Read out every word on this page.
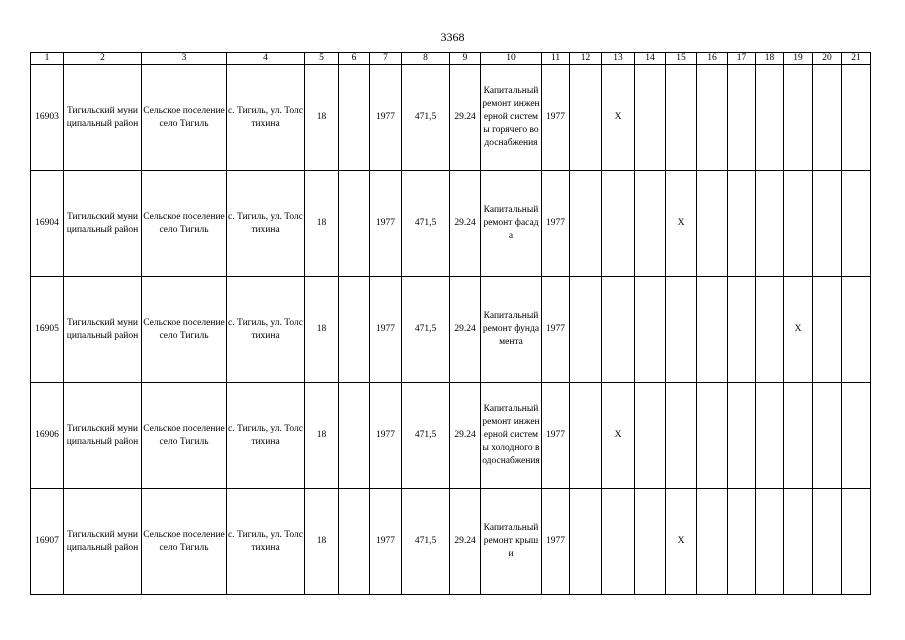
3368
1	2	3	4	5	6	7	8	9	10	11	12	13	14	15	16	17	18	19	20	21
16903	Тигильский муниципальный район	Сельское поселение село Тигиль	с. Тигиль, ул. Толстихина	18		1977	471,5	29.24	Капитальный ремонт инженерной системы горячего водоснабжения	1977		X								
16904	Тигильский муниципальный район	Сельское поселение село Тигиль	с. Тигиль, ул. Толстихина	18		1977	471,5	29.24	Капитальный ремонт фасада	1977				X						
16905	Тигильский муниципальный район	Сельское поселение село Тигиль	с. Тигиль, ул. Толстихина	18		1977	471,5	29.24	Капитальный ремонт фундамента	1977								X		
16906	Тигильский муниципальный район	Сельское поселение село Тигиль	с. Тигиль, ул. Толстихина	18		1977	471,5	29.24	Капитальный ремонт инженерной системы холодного водоснабжения	1977		X								
16907	Тигильский муниципальный район	Сельское поселение село Тигиль	с. Тигиль, ул. Толстихина	18		1977	471,5	29.24	Капитальный ремонт крыши	1977				X						
